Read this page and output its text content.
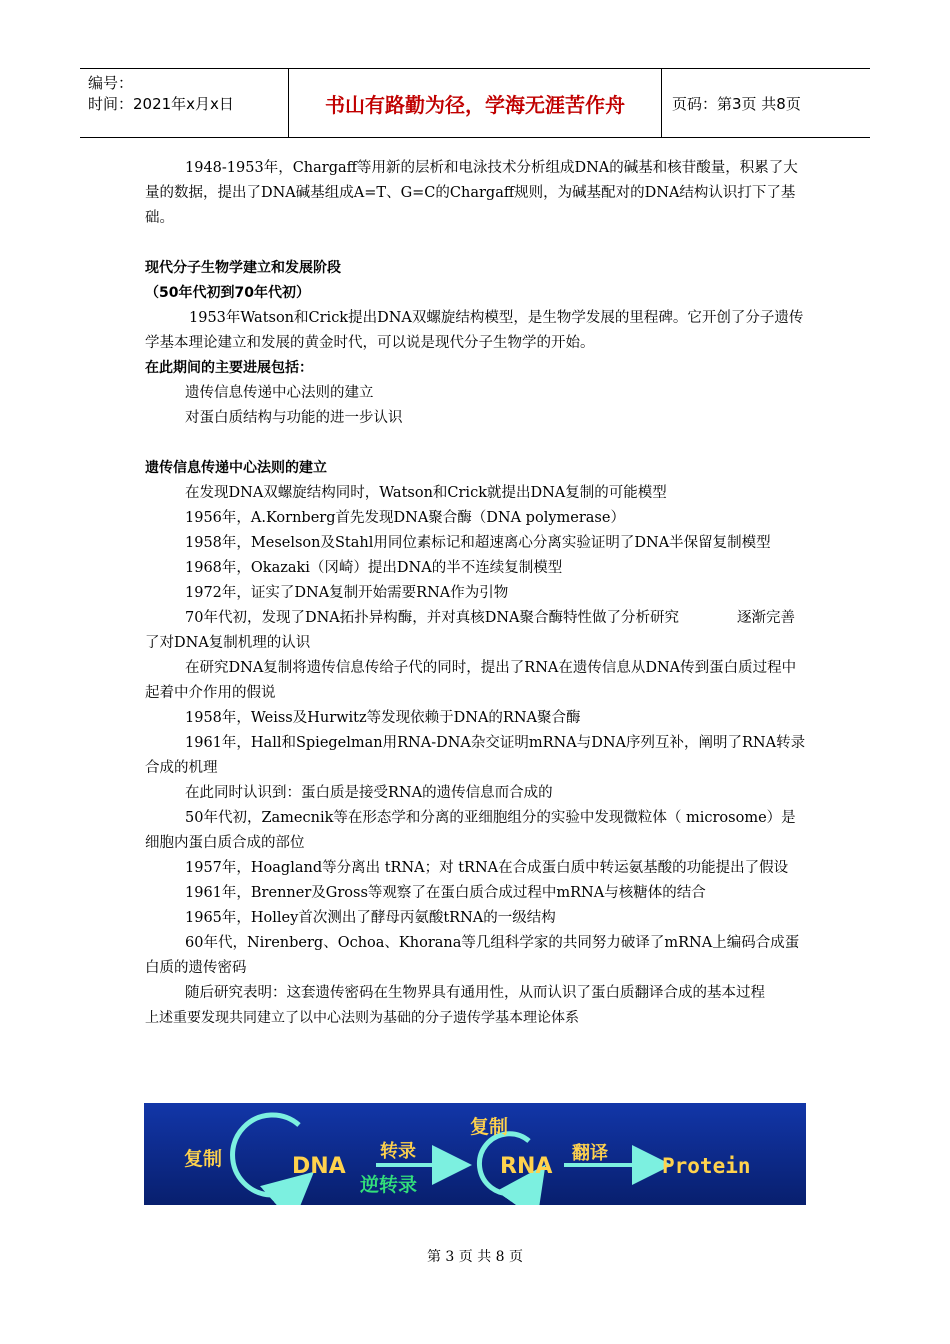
编号：
时间：2021年x月x日	书山有路勤为径，学海无涯苦作舟	页码：第3页 共8页

1948-1953年，Chargaff等用新的层析和电泳技术分析组成DNA的碱基和核苷酸量，积累了大量的数据，提出了DNA碱基组成A=T、G=C的Chargaff规则，为碱基配对的DNA结构认识打下了基础。

现代分子生物学建立和发展阶段

（50年代初到70年代初）

1953年Watson和Crick提出DNA双螺旋结构模型，是生物学发展的里程碑。它开创了分子遗传学基本理论建立和发展的黄金时代，可以说是现代分子生物学的开始。

在此期间的主要进展包括：

遗传信息传递中心法则的建立

对蛋白质结构与功能的进一步认识

遗传信息传递中心法则的建立

在发现DNA双螺旋结构同时，Watson和Crick就提出DNA复制的可能模型

1956年，A.Kornberg首先发现DNA聚合酶（DNA polymerase）

1958年，Meselson及Stahl用同位素标记和超速离心分离实验证明了DNA半保留复制模型

1968年，Okazaki（冈崎）提出DNA的半不连续复制模型

1972年，证实了DNA复制开始需要RNA作为引物

70年代初，发现了DNA拓扑异构酶，并对真核DNA聚合酶特性做了分析研究　　　　逐渐完善了对DNA复制机理的认识

在研究DNA复制将遗传信息传给子代的同时，提出了RNA在遗传信息从DNA传到蛋白质过程中起着中介作用的假说

1958年，Weiss及Hurwitz等发现依赖于DNA的RNA聚合酶

1961年，Hall和Spiegelman用RNA-DNA杂交证明mRNA与DNA序列互补，阐明了RNA转录合成的机理

在此同时认识到：蛋白质是接受RNA的遗传信息而合成的

50年代初，Zamecnik等在形态学和分离的亚细胞组分的实验中发现微粒体（ microsome）是细胞内蛋白质合成的部位

1957年，Hoagland等分离出 tRNA；对 tRNA在合成蛋白质中转运氨基酸的功能提出了假设

1961年，Brenner及Gross等观察了在蛋白质合成过程中mRNA与核糖体的结合

1965年，Holley首次测出了酵母丙氨酸tRNA的一级结构

60年代，Nirenberg、Ochoa、Khorana等几组科学家的共同努力破译了mRNA上编码合成蛋白质的遗传密码

随后研究表明：这套遗传密码在生物界具有通用性，从而认识了蛋白质翻译合成的基本过程

上述重要发现共同建立了以中心法则为基础的分子遗传学基本理论体系

复制	DNA
转录
逆转录
复制
RNA
翻译
Protein
第 3 页 共 8 页
